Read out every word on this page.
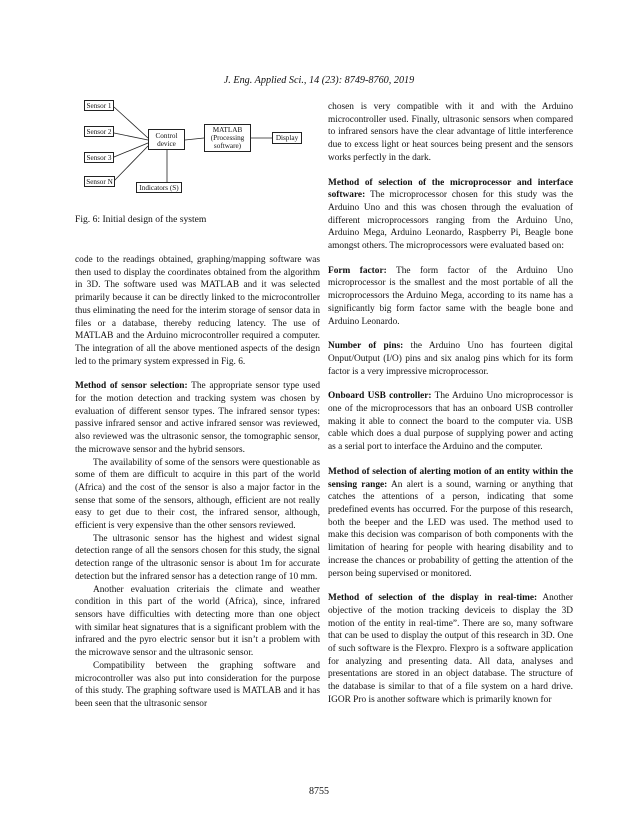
J. Eng. Applied Sci., 14 (23): 8749-8760, 2019
Sensor 1
Sensor 2
Sensor 3
Sensor N
Control device
Indicators (S)
MATLAB (Processing software)
Display
Fig. 6: Initial design of the system

code to the readings obtained, graphing/mapping software was then used to display the coordinates obtained from the algorithm in 3D. The software used was MATLAB and it was selected primarily because it can be directly linked to the microcontroller thus eliminating the need for the interim storage of sensor data in files or a database, thereby reducing latency. The use of MATLAB and the Arduino microcontroller required a computer. The integration of all the above mentioned aspects of the design led to the primary system expressed in Fig. 6.

Method of sensor selection: The appropriate sensor type used for the motion detection and tracking system was chosen by evaluation of different sensor types. The infrared sensor types: passive infrared sensor and active infrared sensor was reviewed, also reviewed was the ultrasonic sensor, the tomographic sensor, the microwave sensor and the hybrid sensors.

The availability of some of the sensors were questionable as some of them are difficult to acquire in this part of the world (Africa) and the cost of the sensor is also a major factor in the sense that some of the sensors, although, efficient are not really easy to get due to their cost, the infrared sensor, although, efficient is very expensive than the other sensors reviewed.

The ultrasonic sensor has the highest and widest signal detection range of all the sensors chosen for this study, the signal detection range of the ultrasonic sensor is about 1m for accurate detection but the infrared sensor has a detection range of 10 mm.

Another evaluation criteriais the climate and weather condition in this part of the world (Africa), since, infrared sensors have difficulties with detecting more than one object with similar heat signatures that is a significant problem with the infrared and the pyro electric sensor but it isn’t a problem with the microwave sensor and the ultrasonic sensor.

Compatibility between the graphing software and microcontroller was also put into consideration for the purpose of this study. The graphing software used is MATLAB and it has been seen that the ultrasonic sensor

chosen is very compatible with it and with the Arduino microcontroller used. Finally, ultrasonic sensors when compared to infrared sensors have the clear advantage of little interference due to excess light or heat sources being present and the sensors works perfectly in the dark.

Method of selection of the microprocessor and interface software: The microprocessor chosen for this study was the Arduino Uno and this was chosen through the evaluation of different microprocessors ranging from the Arduino Uno, Arduino Mega, Arduino Leonardo, Raspberry Pi, Beagle bone amongst others. The microprocessors were evaluated based on:

Form factor: The form factor of the Arduino Uno microprocessor is the smallest and the most portable of all the microprocessors the Arduino Mega, according to its name has a significantly big form factor same with the beagle bone and Arduino Leonardo.

Number of pins: the Arduino Uno has fourteen digital Onput/Output (I/O) pins and six analog pins which for its form factor is a very impressive microprocessor.

Onboard USB controller: The Arduino Uno microprocessor is one of the microprocessors that has an onboard USB controller making it able to connect the board to the computer via. USB cable which does a dual purpose of supplying power and acting as a serial port to interface the Arduino and the computer.

Method of selection of alerting motion of an entity within the sensing range: An alert is a sound, warning or anything that catches the attentions of a person, indicating that some predefined events has occurred. For the purpose of this research, both the beeper and the LED was used. The method used to make this decision was comparison of both components with the limitation of hearing for people with hearing disability and to increase the chances or probability of getting the attention of the person being supervised or monitored.

Method of selection of the display in real-time: Another objective of the motion tracking deviceis to display the 3D motion of the entity in real-time”. There are so, many software that can be used to display the output of this research in 3D. One of such software is the Flexpro. Flexpro is a software application for analyzing and presenting data. All data, analyses and presentations are stored in an object database. The structure of the database is similar to that of a file system on a hard drive. IGOR Pro is another software which is primarily known for

8755
